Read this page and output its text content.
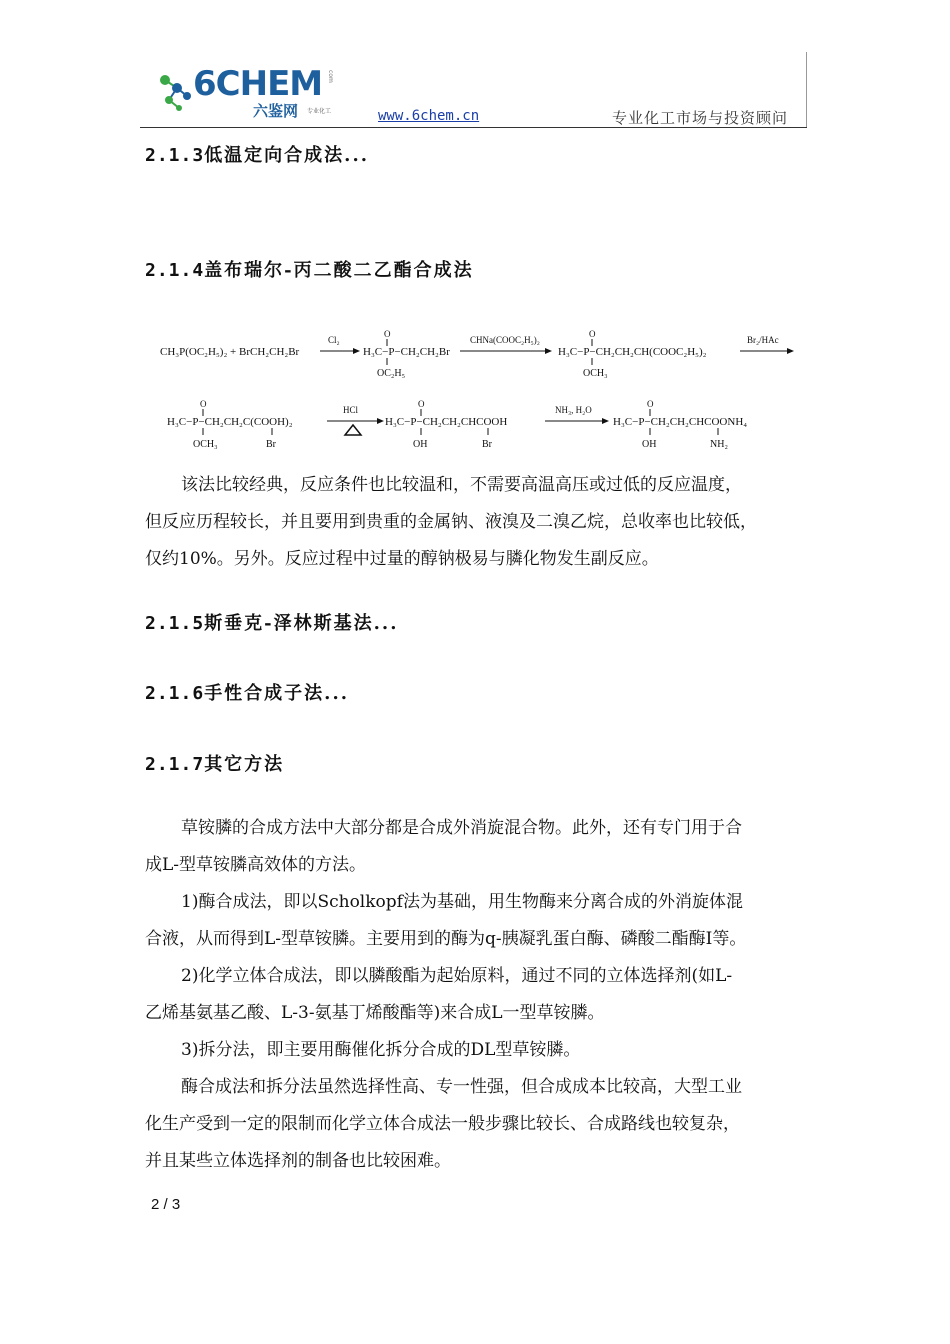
6CHEM
六鉴网 专业化工
com
www.6chem.cn	专业化工市场与投资顾问
2.1.3低温定向合成法...
2.1.4盖布瑞尔-丙二酸二乙酯合成法
CH₃P(OC₂H₅)₂ + BrCH₂CH₂Br
Cl₂
O
H₃C−P−CH₂CH₂Br
OC₂H₅
CHNa(COOC₂H₅)₂
O
H₃C−P−CH₂CH₂CH(COOC₂H₅)₂
OCH₃
Br₂/HAc
O
H₃C−P−CH₂CH₂C(COOH)₂
OCH₃	Br
HCl
O
H₃C−P−CH₂CH₂CHCOOH
OH	Br
NH₃, H₂O
O
H₃C−P−CH₂CH₂CHCOONH₄
OH	NH₂
该法比较经典，反应条件也比较温和，不需要高温高压或过低的反应温度，
但反应历程较长，并且要用到贵重的金属钠、液溴及二溴乙烷，总收率也比较低，
仅约10%。另外。反应过程中过量的醇钠极易与膦化物发生副反应。
2.1.5斯垂克-泽林斯基法...
2.1.6手性合成子法...
2.1.7其它方法
草铵膦的合成方法中大部分都是合成外消旋混合物。此外，还有专门用于合
成L-型草铵膦高效体的方法。
1)酶合成法，即以Scholkopf法为基础，用生物酶来分离合成的外消旋体混
合液，从而得到L-型草铵膦。主要用到的酶为q-胰凝乳蛋白酶、磷酸二酯酶I等。
2)化学立体合成法，即以膦酸酯为起始原料，通过不同的立体选择剂(如L-
乙烯基氨基乙酸、L-3-氨基丁烯酸酯等)来合成L一型草铵膦。
3)拆分法，即主要用酶催化拆分合成的DL型草铵膦。
酶合成法和拆分法虽然选择性高、专一性强，但合成成本比较高，大型工业
化生产受到一定的限制而化学立体合成法一般步骤比较长、合成路线也较复杂，
并且某些立体选择剂的制备也比较困难。
2 / 3
